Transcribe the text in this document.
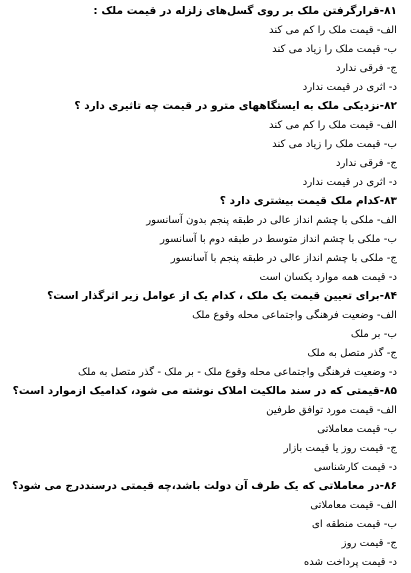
۸۱-قرارگرفتن ملک بر روی گسل‌های زلزله در قیمت ملک :
الف- قیمت ملک را کم می کند
ب- قیمت ملک را زیاد می کند
ج- فرقی ندارد
د- اثری در قیمت ندارد
۸۲-نزدیکی ملک به ایستگاههای مترو در قیمت چه تاثیری دارد ؟
الف- قیمت ملک را کم می کند
ب- قیمت ملک را زیاد می کند
ج- فرقی ندارد
د- اثری در قیمت ندارد
۸۳-کدام ملک قیمت بیشتری دارد ؟
الف- ملکی با چشم انداز عالی در طبقه پنجم بدون آسانسور
ب- ملکی با چشم انداز متوسط در طبقه دوم با آسانسور
ج- ملکی با چشم انداز عالی در طبقه پنجم با آسانسور
د- قیمت همه موارد یکسان است
۸۴-برای تعیین قیمت یک ملک ، کدام یک از عوامل زیر اثرگذار است؟
الف- وضعیت فرهنگی واجتماعی محله وقوع ملک
ب- بر ملک
ج- گذر متصل به ملک
د- وضعیت فرهنگی واجتماعی محله وقوع ملک - بر ملک - گذر متصل به ملک
۸۵-قیمتی که در سند مالکیت املاک نوشته می شود، کدامیک ازموارد است؟
الف- قیمت مورد توافق طرفین
ب- قیمت معاملاتی
ج- قیمت روز یا قیمت بازار
د- قیمت کارشناسی
۸۶-در معاملاتی که یک طرف آن دولت باشد،چه قیمتی درسنددرج می شود؟
الف- قیمت معاملاتی
ب- قیمت منطقه ای
ج- قیمت روز
د- قیمت پرداخت شده
